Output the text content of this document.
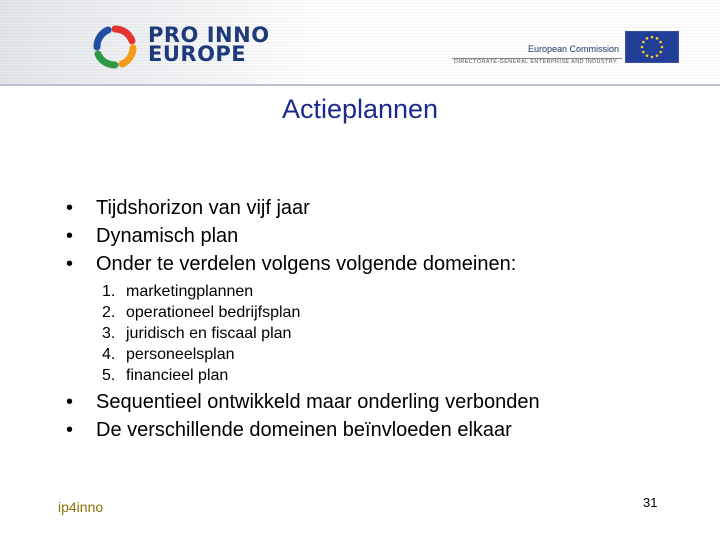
PRO INNO
EUROPE	European Commission
DIRECTORATE-GENERAL ENTERPRISE AND INDUSTRY
Actieplannen
• Tijdshorizon van vijf jaar
• Dynamisch plan
• Onder te verdelen volgens volgende domeinen:
1. marketingplannen
2. operationeel bedrijfsplan
3. juridisch en fiscaal plan
4. personeelsplan
5. financieel plan
• Sequentieel ontwikkeld maar onderling verbonden
• De verschillende domeinen beïnvloeden elkaar
ip4inno	31
